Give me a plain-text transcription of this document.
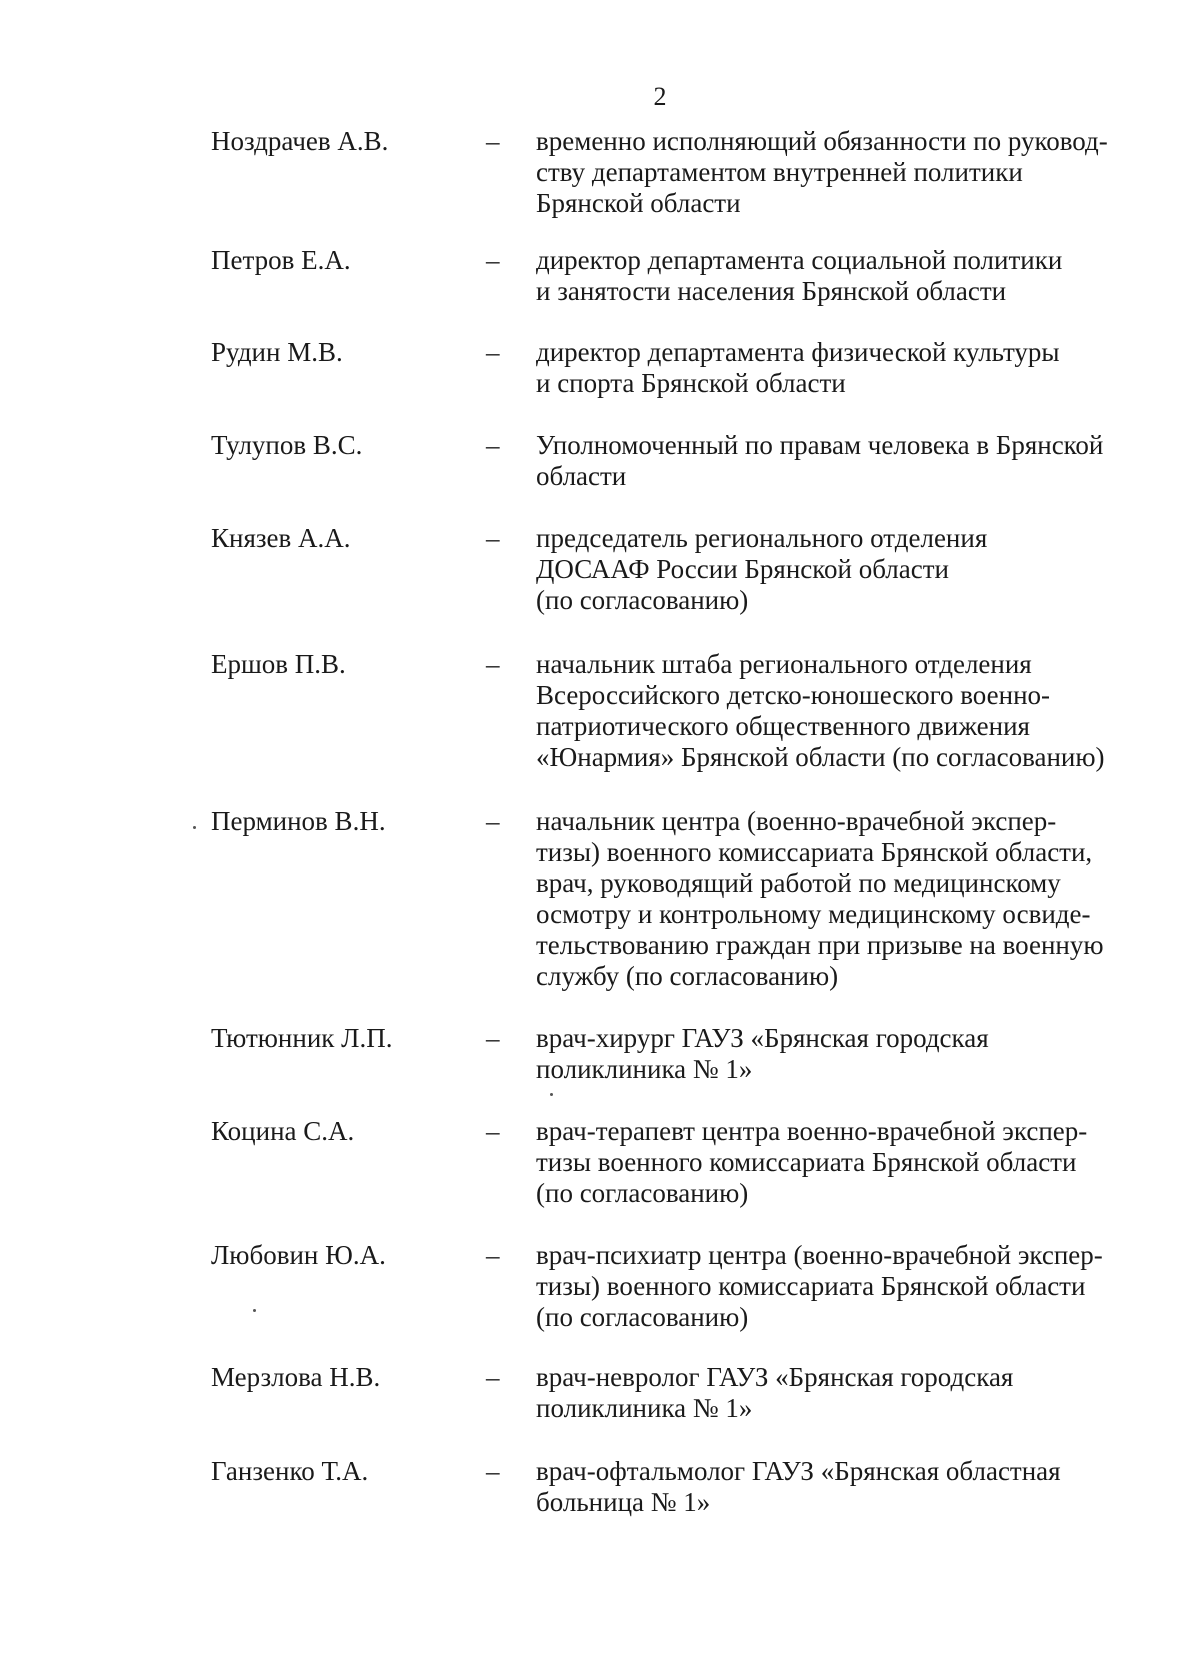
2
Ноздрачев А.В.	– временно исполняющий обязанности по руковод-
ству департаментом внутренней политики
Брянской области
Петров Е.А.	– директор департамента социальной политики
и занятости населения Брянской области
Рудин М.В.	– директор департамента физической культуры
и спорта Брянской области
Тулупов В.С.	– Уполномоченный по правам человека в Брянской
области
Князев А.А.	– председатель регионального отделения
ДОСААФ России Брянской области
(по согласованию)
Ершов П.В.	– начальник штаба регионального отделения
Всероссийского детско-юношеского военно-
патриотического общественного движения
«Юнармия» Брянской области (по согласованию)
Перминов В.Н.	– начальник центра (военно-врачебной экспер-
тизы) военного комиссариата Брянской области,
врач, руководящий работой по медицинскому
осмотру и контрольному медицинскому освиде-
тельствованию граждан при призыве на военную
службу (по согласованию)
Тютюнник Л.П.	– врач-хирург ГАУЗ «Брянская городская
поликлиника № 1»
Коцина С.А.	– врач-терапевт центра военно-врачебной экспер-
тизы военного комиссариата Брянской области
(по согласованию)
Любовин Ю.А.	– врач-психиатр центра (военно-врачебной экспер-
тизы) военного комиссариата Брянской области
(по согласованию)
Мерзлова Н.В.	– врач-невролог ГАУЗ «Брянская городская
поликлиника № 1»
Ганзенко Т.А.	– врач-офтальмолог ГАУЗ «Брянская областная
больница № 1»
